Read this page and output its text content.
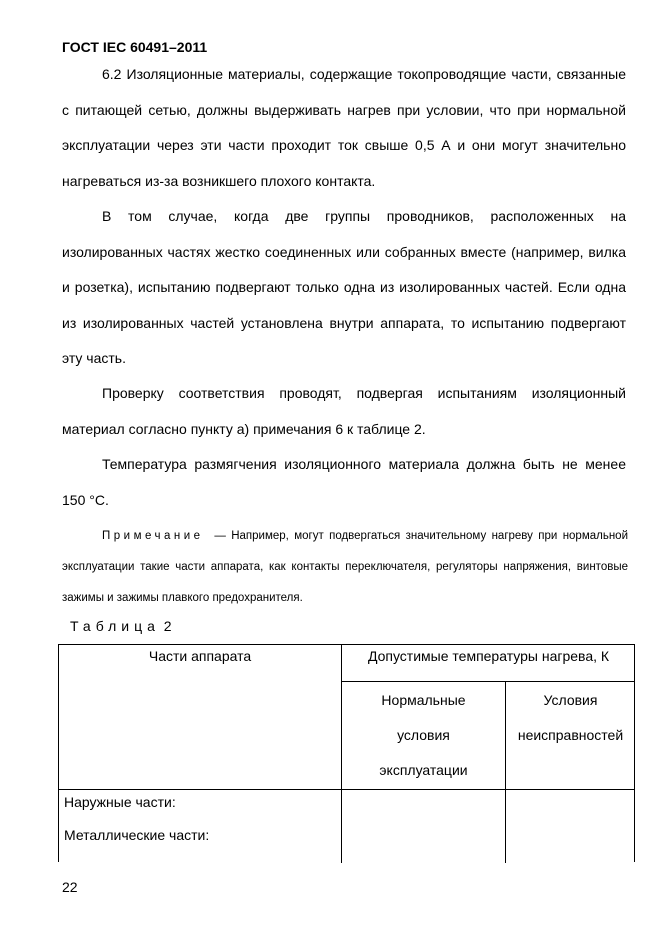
ГОСТ IEC 60491–2011

6.2 Изоляционные материалы, содержащие токопроводящие части, связанные с питающей сетью, должны выдерживать нагрев при условии, что при нормальной эксплуатации через эти части проходит ток свыше 0,5 А и они могут значительно нагреваться из-за возникшего плохого контакта.

В том случае, когда две группы проводников, расположенных на изолированных частях жестко соединенных или собранных вместе (например, вилка и розетка), испытанию подвергают только одна из изолированных частей. Если одна из изолированных частей установлена внутри аппарата, то испытанию подвергают эту часть.

Проверку соответствия проводят, подвергая испытаниям изоляционный материал согласно пункту а) примечания 6 к таблице 2.

Температура размягчения изоляционного материала должна быть не менее 150 °С.

Примечание — Например, могут подвергаться значительному нагреву при нормальной эксплуатации такие части аппарата, как контакты переключателя, регуляторы напряжения, винтовые зажимы и зажимы плавкого предохранителя.

Таблица 2
Части аппарата	Допустимые температуры нагрева, К
Нормальные
условия
эксплуатации
Условия
неисправностей
Наружные части:
Металлические части:
22
